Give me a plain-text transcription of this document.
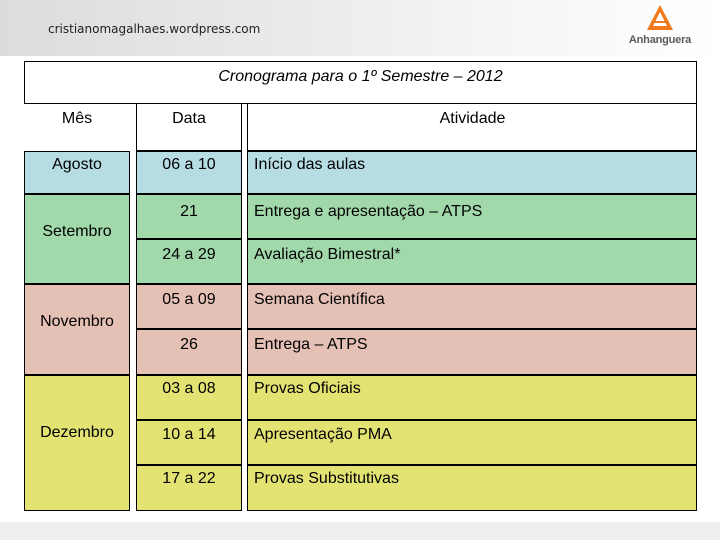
cristianomagalhaes.wordpress.com
Anhanguera
Cronograma para o 1º Semestre – 2012
Mês	Data	Atividade
Agosto
Setembro
Novembro
Dezembro
06 a 10
21
24 a 29
05 a 09
26
03 a 08
10 a 14
17 a 22
Início das aulas
Entrega e apresentação – ATPS
Avaliação Bimestral*
Semana Científica
Entrega – ATPS
Provas Oficiais
Apresentação PMA
Provas Substitutivas
